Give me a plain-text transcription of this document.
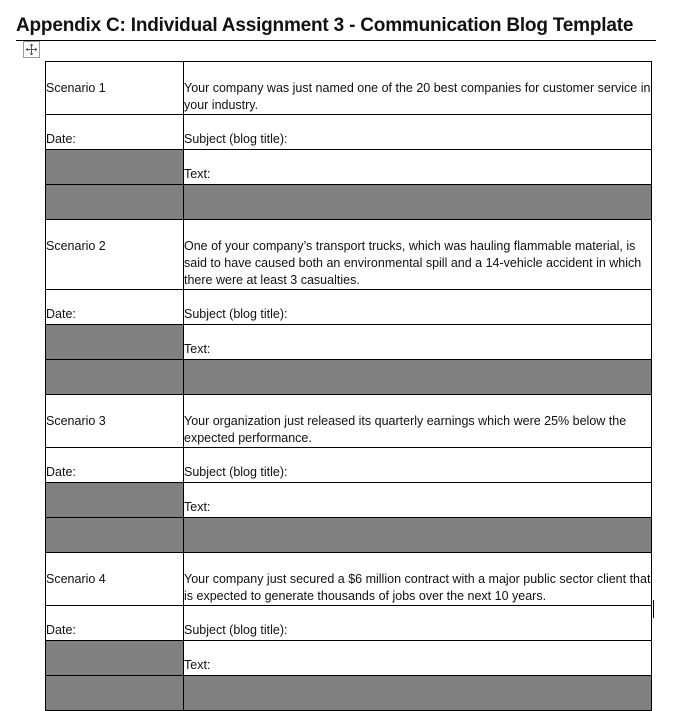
Appendix C: Individual Assignment 3 - Communication Blog Template
Scenario 1	Your company was just named one of the 20 best companies for customer service in your industry.

Date:	Subject (blog title):

	Text:

Scenario 2	One of your company’s transport trucks, which was hauling flammable material, is said to have caused both an environmental spill and a 14-vehicle accident in which there were at least 3 casualties.

Date:	Subject (blog title):

	Text:

Scenario 3	Your organization just released its quarterly earnings which were 25% below the expected performance.

Date:	Subject (blog title):

	Text:

Scenario 4	Your company just secured a $6 million contract with a major public sector client that is expected to generate thousands of jobs over the next 10 years.

Date:	Subject (blog title):

	Text:
